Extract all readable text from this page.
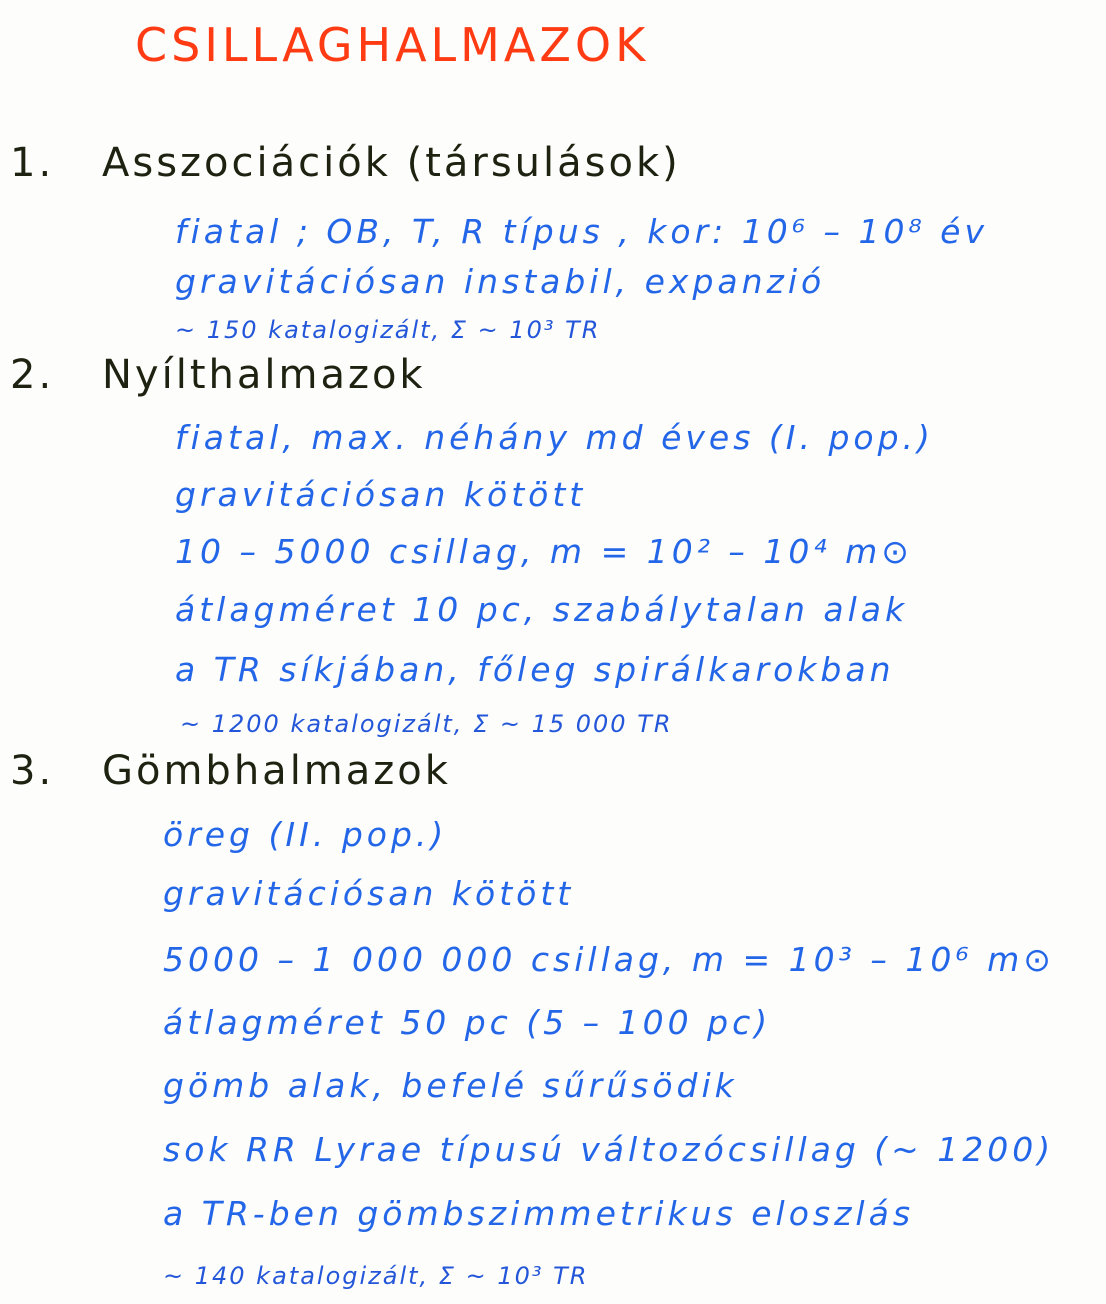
CSILLAGHALMAZOK
1. Asszociációk (társulások)
fiatal ; OB, T, R típus , kor: 10⁶ – 10⁸ év
gravitációsan instabil, expanzió
~ 150 katalogizált, Σ ~ 10³ TR
2. Nyílthalmazok
fiatal, max. néhány md éves (I. pop.)
gravitációsan kötött
10 – 5000 csillag, m = 10² – 10⁴ m⊙
átlagméret 10 pc, szabálytalan alak
a TR síkjában, főleg spirálkarokban
~ 1200 katalogizált, Σ ~ 15 000 TR
3. Gömbhalmazok
öreg (II. pop.)
gravitációsan kötött
5000 – 1 000 000 csillag, m = 10³ – 10⁶ m⊙
átlagméret 50 pc (5 – 100 pc)
gömb alak, befelé sűrűsödik
sok RR Lyrae típusú változócsillag (~ 1200)
a TR-ben gömbszimmetrikus eloszlás
~ 140 katalogizált, Σ ~ 10³ TR
